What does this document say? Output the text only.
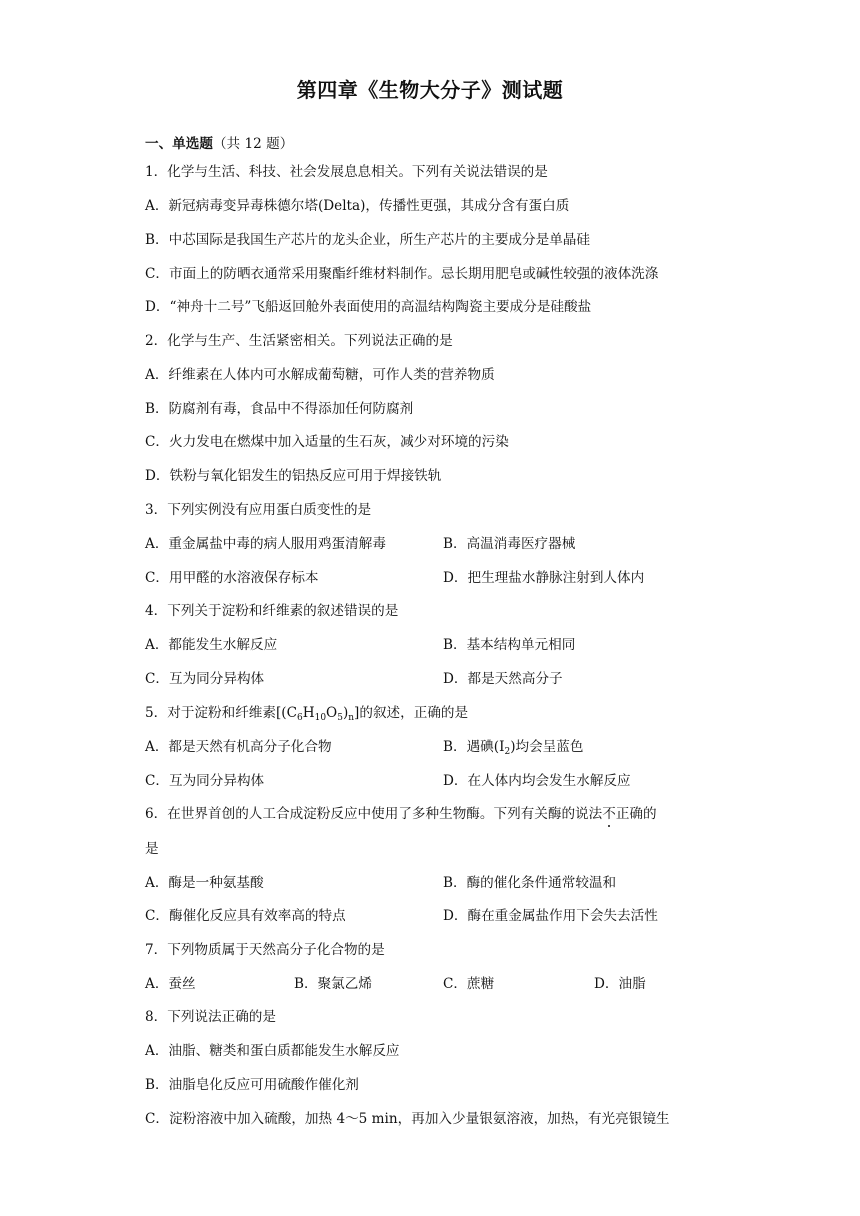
第四章《生物大分子》测试题
一、单选题（共 12 题）
1．化学与生活、科技、社会发展息息相关。下列有关说法错误的是
A．新冠病毒变异毒株德尔塔(Delta)，传播性更强，其成分含有蛋白质
B．中芯国际是我国生产芯片的龙头企业，所生产芯片的主要成分是单晶硅
C．市面上的防晒衣通常采用聚酯纤维材料制作。忌长期用肥皂或碱性较强的液体洗涤
D．“神舟十二号”飞船返回舱外表面使用的高温结构陶瓷主要成分是硅酸盐
2．化学与生产、生活紧密相关。下列说法正确的是
A．纤维素在人体内可水解成葡萄糖，可作人类的营养物质
B．防腐剂有毒，食品中不得添加任何防腐剂
C．火力发电在燃煤中加入适量的生石灰，减少对环境的污染
D．铁粉与氧化铝发生的铝热反应可用于焊接铁轨
3．下列实例没有应用蛋白质变性的是
A．重金属盐中毒的病人服用鸡蛋清解毒	B．高温消毒医疗器械
C．用甲醛的水溶液保存标本	D．把生理盐水静脉注射到人体内
4．下列关于淀粉和纤维素的叙述错误的是
A．都能发生水解反应	B．基本结构单元相同
C．互为同分异构体	D．都是天然高分子
5．对于淀粉和纤维素$[(C_6H_{10}O_5)_n]$的叙述，正确的是
A．都是天然有机高分子化合物	B．遇碘$(I_2)$均会呈蓝色
C．互为同分异构体	D．在人体内均会发生水解反应
6．在世界首创的人工合成淀粉反应中使用了多种生物酶。下列有关酶的说法不正确的
是
A．酶是一种氨基酸	B．酶的催化条件通常较温和
C．酶催化反应具有效率高的特点	D．酶在重金属盐作用下会失去活性
7．下列物质属于天然高分子化合物的是
A．蚕丝	B．聚氯乙烯	C．蔗糖	D．油脂
8．下列说法正确的是
A．油脂、糖类和蛋白质都能发生水解反应
B．油脂皂化反应可用硫酸作催化剂
C．淀粉溶液中加入硫酸，加热 4～5 min，再加入少量银氨溶液，加热，有光亮银镜生
